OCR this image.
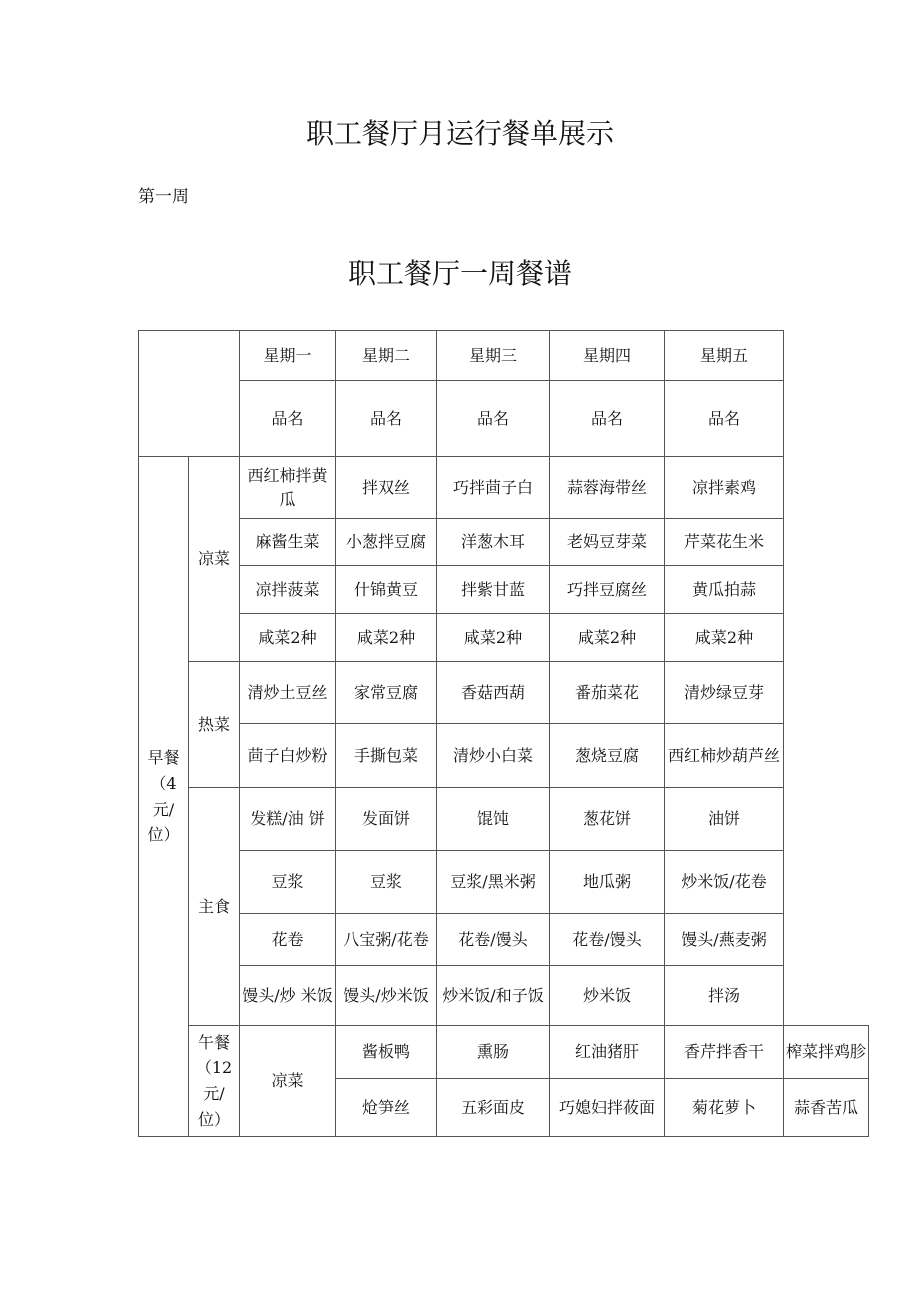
职工餐厅月运行餐单展示
第一周
职工餐厅一周餐谱
		星期一	星期二	星期三	星期四	星期五	
		品名	品名	品名	品名	品名	

早餐
（4
元/
位）	凉菜	西红柿拌黄瓜	拌双丝	巧拌茴子白	蒜蓉海带丝	凉拌素鸡	
		麻酱生菜	小葱拌豆腐	洋葱木耳	老妈豆芽菜	芹菜花生米	
		凉拌菠菜	什锦黄豆	拌紫甘蓝	巧拌豆腐丝	黄瓜拍蒜	
		咸菜2种	咸菜2种	咸菜2种	咸菜2种	咸菜2种	
	热菜	清炒土豆丝	家常豆腐	香菇西葫	番茄菜花	清炒绿豆芽	
		茴子白炒粉	手撕包菜	清炒小白菜	葱烧豆腐	西红柿炒葫芦丝	
	主食	发糕/油 饼	发面饼	馄饨	葱花饼	油饼	
		豆浆	豆浆	豆浆/黑米粥	地瓜粥	炒米饭/花卷	
		花卷	八宝粥/花卷	花卷/馒头	花卷/馒头	馒头/燕麦粥	
		馒头/炒 米饭	馒头/炒米饭	炒米饭/和子饭	炒米饭	拌汤	

	午餐
（12
元/
位）	凉菜	酱板鸭	熏肠	红油猪肝	香芹拌香干	榨菜拌鸡胗
			炝笋丝	五彩面皮	巧媳妇拌莜面	菊花萝卜	蒜香苦瓜
